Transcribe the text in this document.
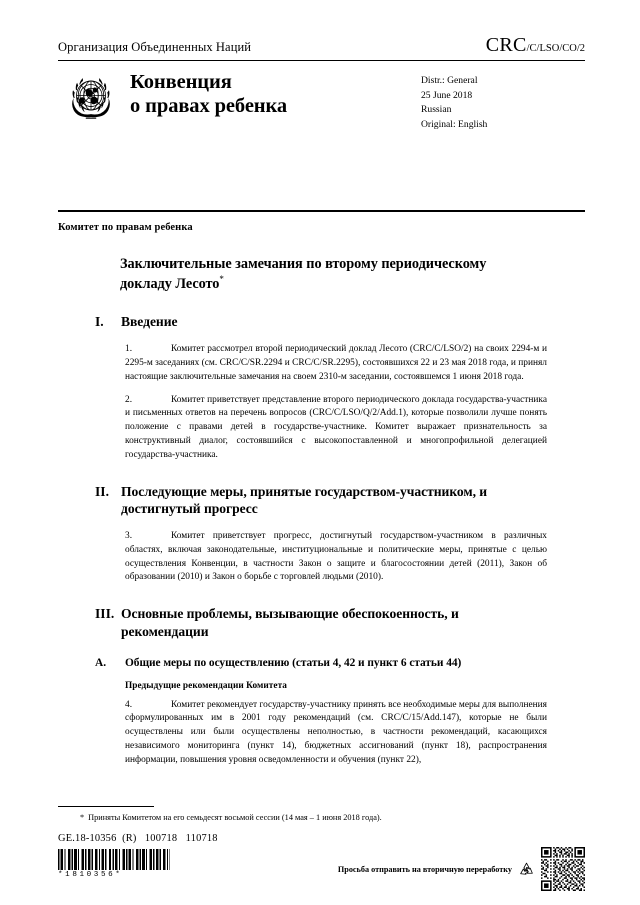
Организация Объединенных Наций	CRC/C/LSO/CO/2
Конвенция
о правах ребенка
Distr.: General
25 June 2018
Russian
Original: English
Комитет по правам ребенка
Заключительные замечания по второму периодическому докладу Лесото*
I.	Введение
1.	Комитет рассмотрел второй периодический доклад Лесото (CRC/C/LSO/2) на своих 2294-м и 2295-м заседаниях (см. CRC/C/SR.2294 и CRC/C/SR.2295), состоявшихся 22 и 23 мая 2018 года, и принял настоящие заключительные замечания на своем 2310-м заседании, состоявшемся 1 июня 2018 года.
2.	Комитет приветствует представление второго периодического доклада государства-участника и письменных ответов на перечень вопросов (CRC/C/LSO/Q/2/Add.1), которые позволили лучше понять положение с правами детей в государстве-участнике. Комитет выражает признательность за конструктивный диалог, состоявшийся с высокопоставленной и многопрофильной делегацией государства-участника.
II. Последующие меры, принятые государством-участником, и достигнутый прогресс
3.	Комитет приветствует прогресс, достигнутый государством-участником в различных областях, включая законодательные, институциональные и политические меры, принятые с целью осуществления Конвенции, в частности Закон о защите и благосостоянии детей (2011), Закон об образовании (2010) и Закон о борьбе с торговлей людьми (2010).
III. Основные проблемы, вызывающие обеспокоенность, и рекомендации
A.	Общие меры по осуществлению (статьи 4, 42 и пункт 6 статьи 44)
Предыдущие рекомендации Комитета
4.	Комитет рекомендует государству-участнику принять все необходимые меры для выполнения сформулированных им в 2001 году рекомендаций (см. CRC/C/15/Add.147), которые не были осуществлены или были осуществлены неполностью, в частности рекомендаций, касающихся независимого мониторинга (пункт 14), бюджетных ассигнований (пункт 18), распространения информации, повышения уровня осведомленности и обучения (пункт 22),
* Приняты Комитетом на его семьдесят восьмой сессии (14 мая – 1 июня 2018 года).
GE.18-10356  (R)   100718   110718
*1810356*
Просьба отправить на вторичную переработку
